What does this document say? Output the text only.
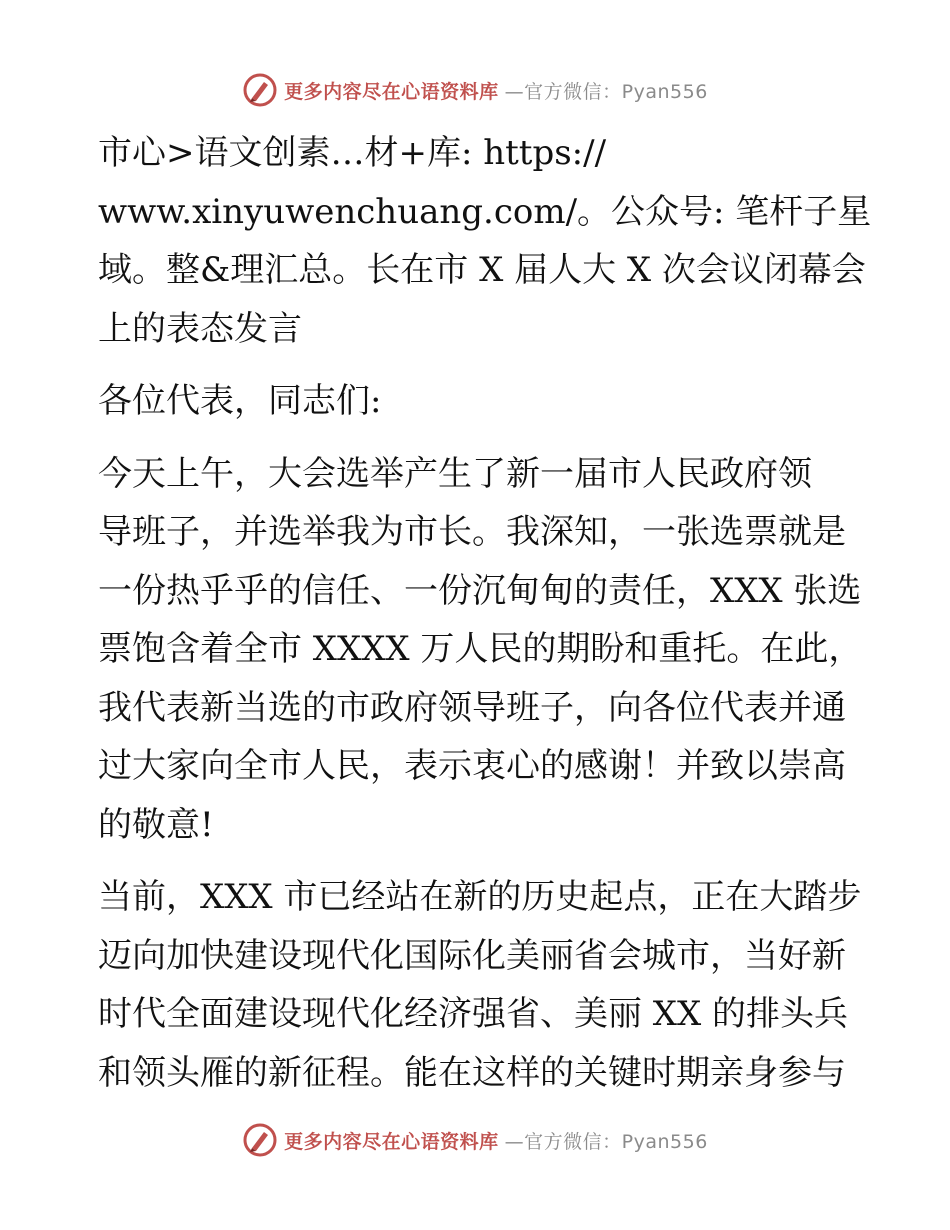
更多内容尽在心语资料库 —官方微信：Pyan556
市心>语文创素…材+库: https://
www.xinyuwenchuang.com/。公众号: 笔杆子星
域。整&理汇总。长在市 X 届人大 X 次会议闭幕会
上的表态发言
各位代表，同志们:
今天上午，大会选举产生了新一届市人民政府领
导班子，并选举我为市长。我深知，一张选票就是
一份热乎乎的信任、一份沉甸甸的责任，XXX 张选
票饱含着全市 XXXX 万人民的期盼和重托。在此，
我代表新当选的市政府领导班子，向各位代表并通
过大家向全市人民，表示衷心的感谢！并致以崇高
的敬意!
当前，XXX 市已经站在新的历史起点，正在大踏步
迈向加快建设现代化国际化美丽省会城市，当好新
时代全面建设现代化经济强省、美丽 XX 的排头兵
和领头雁的新征程。能在这样的关键时期亲身参与
更多内容尽在心语资料库 —官方微信：Pyan556
